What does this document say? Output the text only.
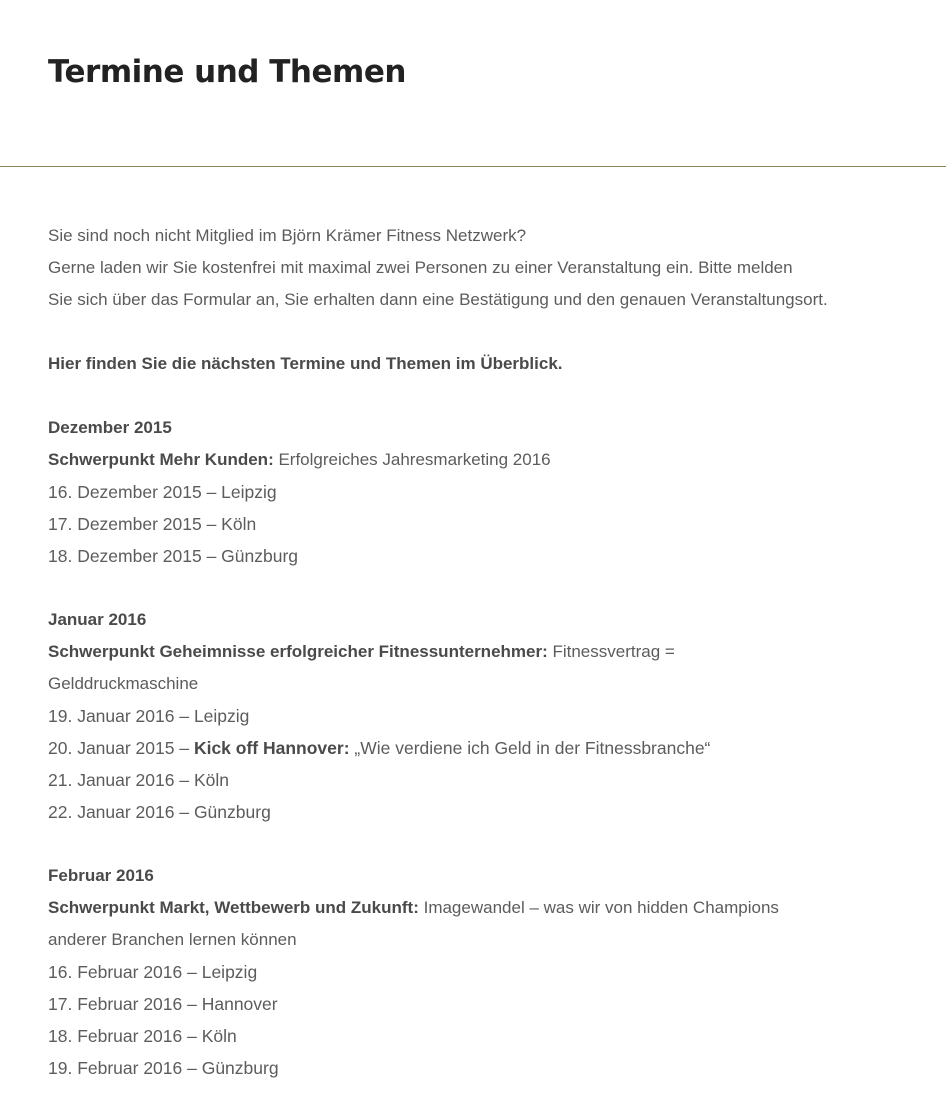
Termine und Themen
Sie sind noch nicht Mitglied im Björn Krämer Fitness Netzwerk?
Gerne laden wir Sie kostenfrei mit maximal zwei Personen zu einer Veranstaltung ein. Bitte melden
Sie sich über das Formular an, Sie erhalten dann eine Bestätigung und den genauen Veranstaltungsort.
Hier finden Sie die nächsten Termine und Themen im Überblick.
Dezember 2015
Schwerpunkt Mehr Kunden: Erfolgreiches Jahresmarketing 2016
16. Dezember 2015 – Leipzig
17. Dezember 2015 – Köln
18. Dezember 2015 – Günzburg
Januar 2016
Schwerpunkt Geheimnisse erfolgreicher Fitnessunternehmer: Fitnessvertrag =
Gelddruckmaschine
19. Januar 2016 – Leipzig
20. Januar 2015 – Kick off Hannover: „Wie verdiene ich Geld in der Fitnessbranche“
21. Januar 2016 – Köln
22. Januar 2016 – Günzburg
Februar 2016
Schwerpunkt Markt, Wettbewerb und Zukunft: Imagewandel – was wir von hidden Champions
anderer Branchen lernen können
16. Februar 2016 – Leipzig
17. Februar 2016 – Hannover
18. Februar 2016 – Köln
19. Februar 2016 – Günzburg
